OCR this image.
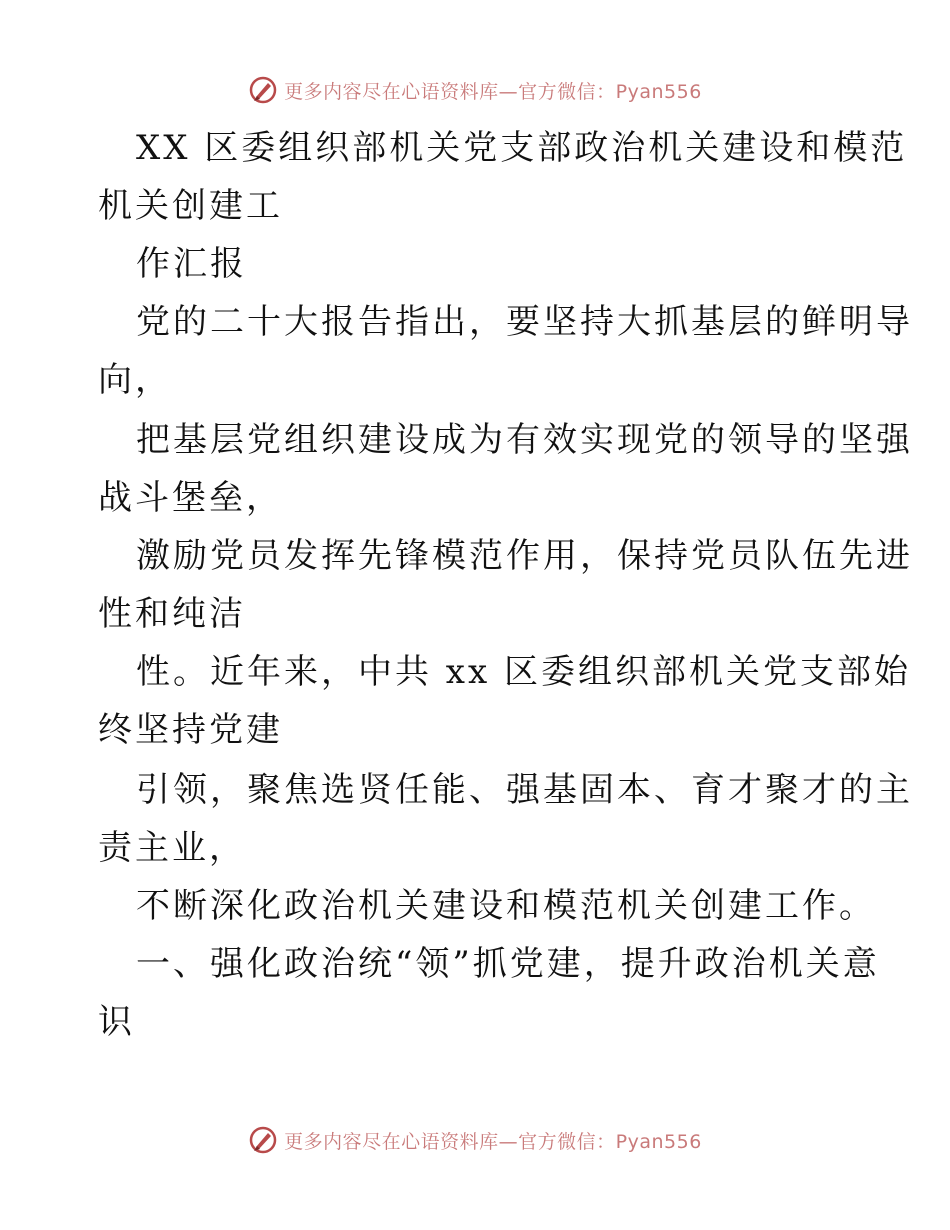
更多内容尽在心语资料库—官方微信：Pyan556
XX 区委组织部机关党支部政治机关建设和模范
机关创建工
作汇报
党的二十大报告指出，要坚持大抓基层的鲜明导
向，
把基层党组织建设成为有效实现党的领导的坚强
战斗堡垒，
激励党员发挥先锋模范作用，保持党员队伍先进
性和纯洁
性。近年来，中共 xx 区委组织部机关党支部始
终坚持党建
引领，聚焦选贤任能、强基固本、育才聚才的主
责主业，
不断深化政治机关建设和模范机关创建工作。
一、强化政治统“领”抓党建，提升政治机关意
识
更多内容尽在心语资料库—官方微信：Pyan556
